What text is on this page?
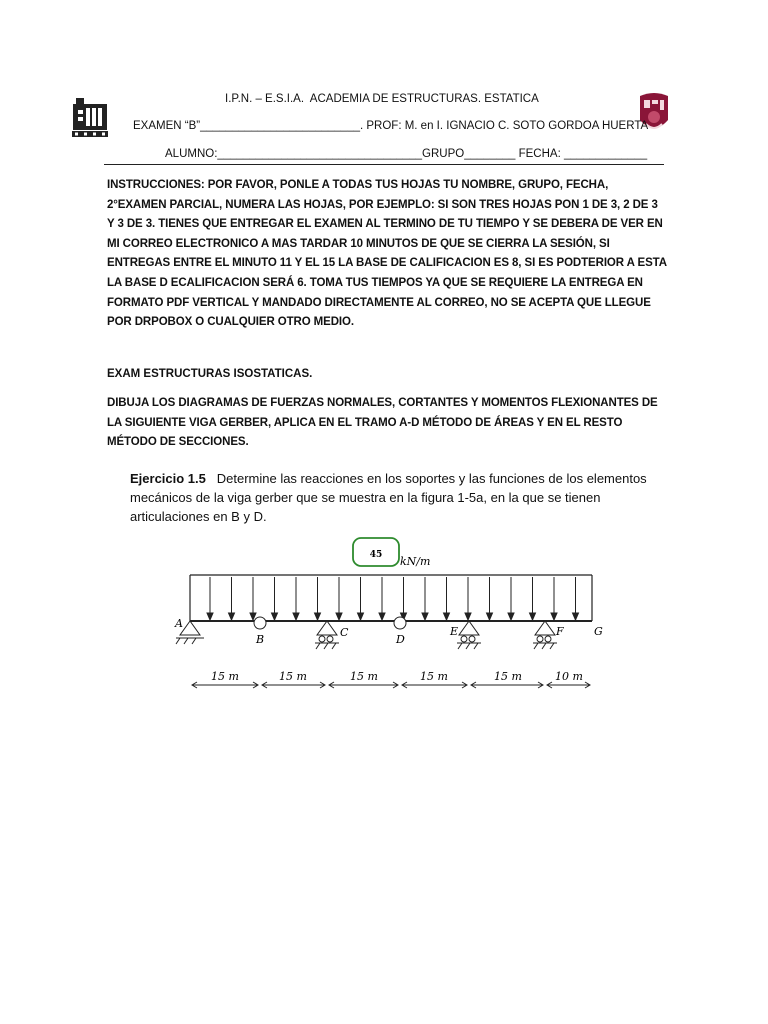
I.P.N. – E.S.I.A.  ACADEMIA DE ESTRUCTURAS. ESTATICA
EXAMEN “B”_________________________. PROF: M. en I. IGNACIO C. SOTO GORDOA HUERTA
ALUMNO:________________________________GRUPO________ FECHA: _____________
INSTRUCCIONES: POR FAVOR, PONLE A TODAS TUS HOJAS TU NOMBRE, GRUPO, FECHA, 2°EXAMEN PARCIAL, NUMERA LAS HOJAS, POR EJEMPLO: SI SON TRES HOJAS PON 1 DE 3, 2 DE 3 Y 3 DE 3. TIENES QUE ENTREGAR EL EXAMEN AL TERMINO DE TU TIEMPO Y SE DEBERA DE VER EN MI CORREO ELECTRONICO A MAS TARDAR 10 MINUTOS DE QUE SE CIERRA LA SESIÓN, SI ENTREGAS ENTRE EL MINUTO 11 Y EL 15 LA BASE DE CALIFICACION ES 8, SI ES PODTERIOR A ESTA LA BASE D ECALIFICACION SERÁ 6. TOMA TUS TIEMPOS YA QUE SE REQUIERE LA ENTREGA EN FORMATO PDF VERTICAL Y MANDADO DIRECTAMENTE AL CORREO, NO SE ACEPTA QUE LLEGUE POR DRPOBOX O CUALQUIER OTRO MEDIO.
EXAM ESTRUCTURAS ISOSTATICAS.
DIBUJA LOS DIAGRAMAS DE FUERZAS NORMALES, CORTANTES Y MOMENTOS FLEXIONANTES DE LA SIGUIENTE VIGA GERBER, APLICA EN EL TRAMO A-D MÉTODO DE ÁREAS Y EN EL RESTO MÉTODO DE SECCIONES.
Ejercicio 1.5 Determine las reacciones en los soportes y las funciones de los elementos mecánicos de la viga gerber que se muestra en la figura 1-5a, en la que se tienen articulaciones en B y D.
45 kN/m
A
B
C
D
E	F	G
15 m	15 m	15 m	15 m	15 m	10 m
